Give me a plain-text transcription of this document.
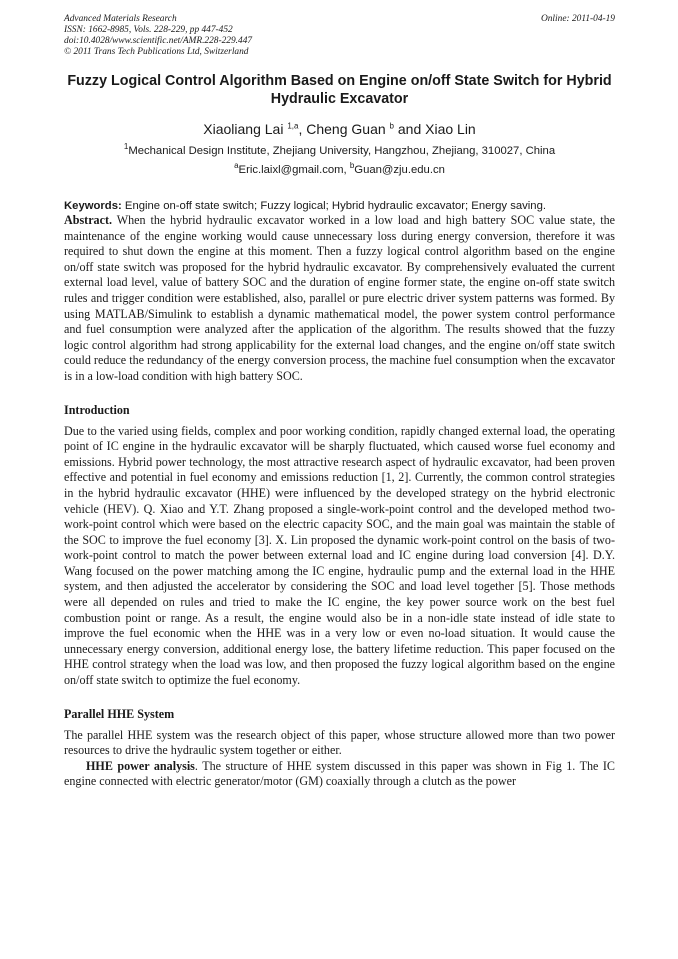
Advanced Materials Research
ISSN: 1662-8985, Vols. 228-229, pp 447-452
doi:10.4028/www.scientific.net/AMR.228-229.447
© 2011 Trans Tech Publications Ltd, Switzerland
Online: 2011-04-19
Fuzzy Logical Control Algorithm Based on Engine on/off State Switch for Hybrid Hydraulic Excavator
Xiaoliang Lai $^{1,a}$, Cheng Guan $^b$ and Xiao Lin
$^1$Mechanical Design Institute, Zhejiang University, Hangzhou, Zhejiang, 310027, China
$^a$Eric.laixl@gmail.com, $^b$Guan@zju.edu.cn
Keywords: Engine on-off state switch; Fuzzy logical; Hybrid hydraulic excavator; Energy saving.

Abstract. When the hybrid hydraulic excavator worked in a low load and high battery SOC value state, the maintenance of the engine working would cause unnecessary loss during energy conversion, therefore it was required to shut down the engine at this moment. Then a fuzzy logical control algorithm based on the engine on/off state switch was proposed for the hybrid hydraulic excavator. By comprehensively evaluated the current external load level, value of battery SOC and the duration of engine former state, the engine on-off state switch rules and trigger condition were established, also, parallel or pure electric driver system patterns was formed. By using MATLAB/Simulink to establish a dynamic mathematical model, the power system control performance and fuel consumption were analyzed after the application of the algorithm. The results showed that the fuzzy logic control algorithm had strong applicability for the external load changes, and the engine on/off state switch could reduce the redundancy of the energy conversion process, the machine fuel consumption when the excavator is in a low-load condition with high battery SOC.

Introduction

Due to the varied using fields, complex and poor working condition, rapidly changed external load, the operating point of IC engine in the hydraulic excavator will be sharply fluctuated, which caused worse fuel economy and emissions. Hybrid power technology, the most attractive research aspect of hydraulic excavator, had been proven effective and potential in fuel economy and emissions reduction [1, 2]. Currently, the common control strategies in the hybrid hydraulic excavator (HHE) were influenced by the developed strategy on the hybrid electronic vehicle (HEV). Q. Xiao and Y.T. Zhang proposed a single-work-point control and the developed method two-work-point control which were based on the electric capacity SOC, and the main goal was maintain the stable of the SOC to improve the fuel economy [3]. X. Lin proposed the dynamic work-point control on the basis of two-work-point control to match the power between external load and IC engine during load conversion [4]. D.Y. Wang focused on the power matching among the IC engine, hydraulic pump and the external load in the HHE system, and then adjusted the accelerator by considering the SOC and load level together [5]. Those methods were all depended on rules and tried to make the IC engine, the key power source work on the best fuel combustion point or range. As a result, the engine would also be in a non-idle state instead of idle state to improve the fuel economic when the HHE was in a very low or even no-load situation. It would cause the unnecessary energy conversion, additional energy lose, the battery lifetime reduction. This paper focused on the HHE control strategy when the load was low, and then proposed the fuzzy logical algorithm based on the engine on/off state switch to optimize the fuel economy.

Parallel HHE System

The parallel HHE system was the research object of this paper, whose structure allowed more than two power resources to drive the hydraulic system together or either.

HHE power analysis. The structure of HHE system discussed in this paper was shown in Fig 1. The IC engine connected with electric generator/motor (GM) coaxially through a clutch as the power
